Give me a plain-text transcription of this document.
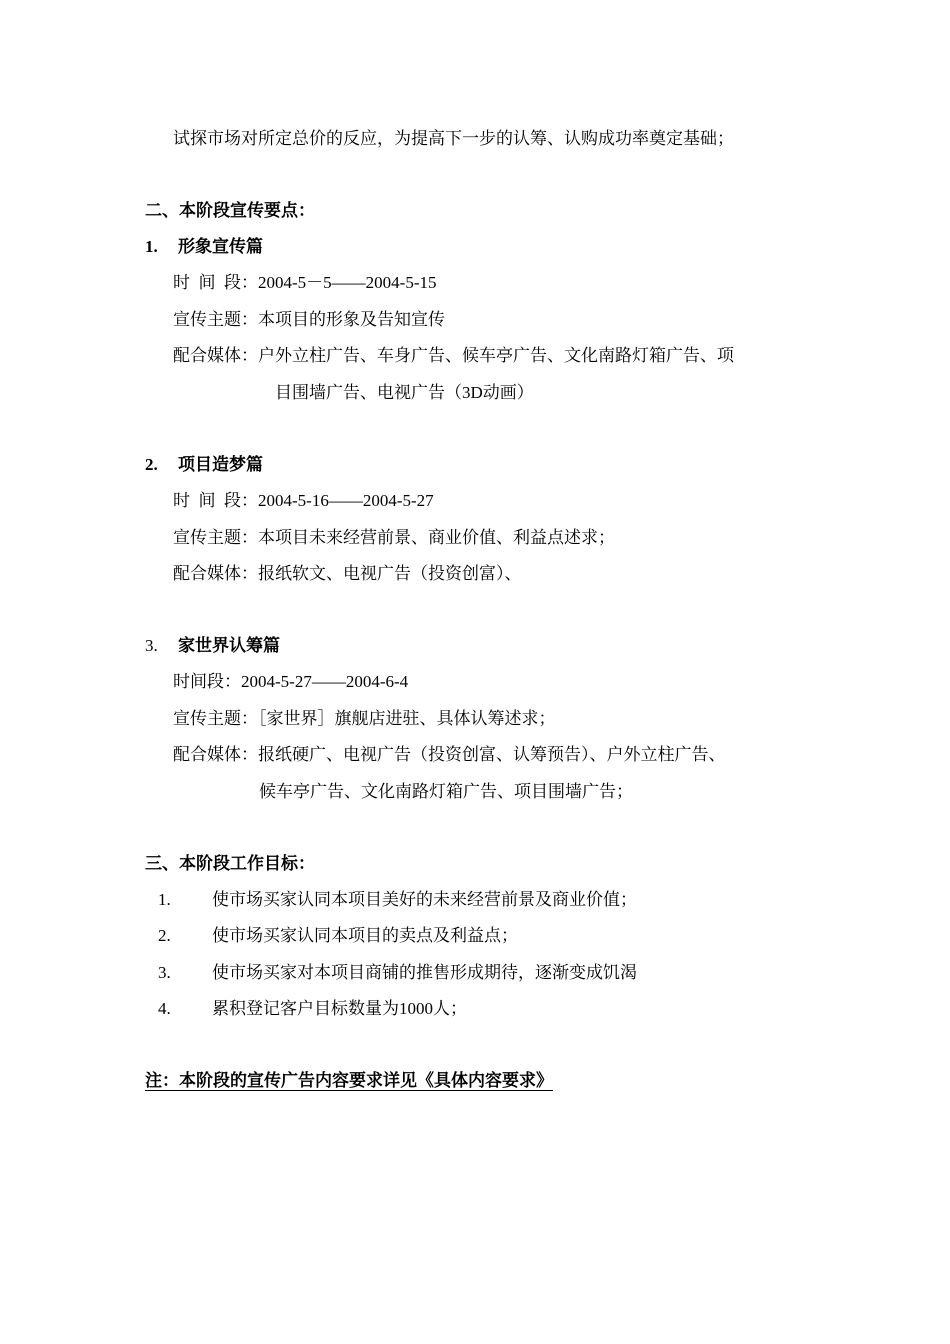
试探市场对所定总价的反应，为提高下一步的认筹、认购成功率奠定基础；
二、本阶段宣传要点：
1. 形象宣传篇
时  间  段：2004-5－5——2004-5-15
宣传主题：本项目的形象及告知宣传
配合媒体：户外立柱广告、车身广告、候车亭广告、文化南路灯箱广告、项
目围墙广告、电视广告（3D动画）
2. 项目造梦篇
时  间  段：2004-5-16——2004-5-27
宣传主题：本项目未来经营前景、商业价值、利益点述求；
配合媒体：报纸软文、电视广告（投资创富）、
3. 家世界认筹篇
时间段：2004-5-27——2004-6-4
宣传主题：［家世界］旗舰店进驻、具体认筹述求；
配合媒体：报纸硬广、电视广告（投资创富、认筹预告）、户外立柱广告、
候车亭广告、文化南路灯箱广告、项目围墙广告；
三、本阶段工作目标：
1. 使市场买家认同本项目美好的未来经营前景及商业价值；
2. 使市场买家认同本项目的卖点及利益点；
3. 使市场买家对本项目商铺的推售形成期待，逐渐变成饥渴
4. 累积登记客户目标数量为1000人；
注：本阶段的宣传广告内容要求详见《具体内容要求》
